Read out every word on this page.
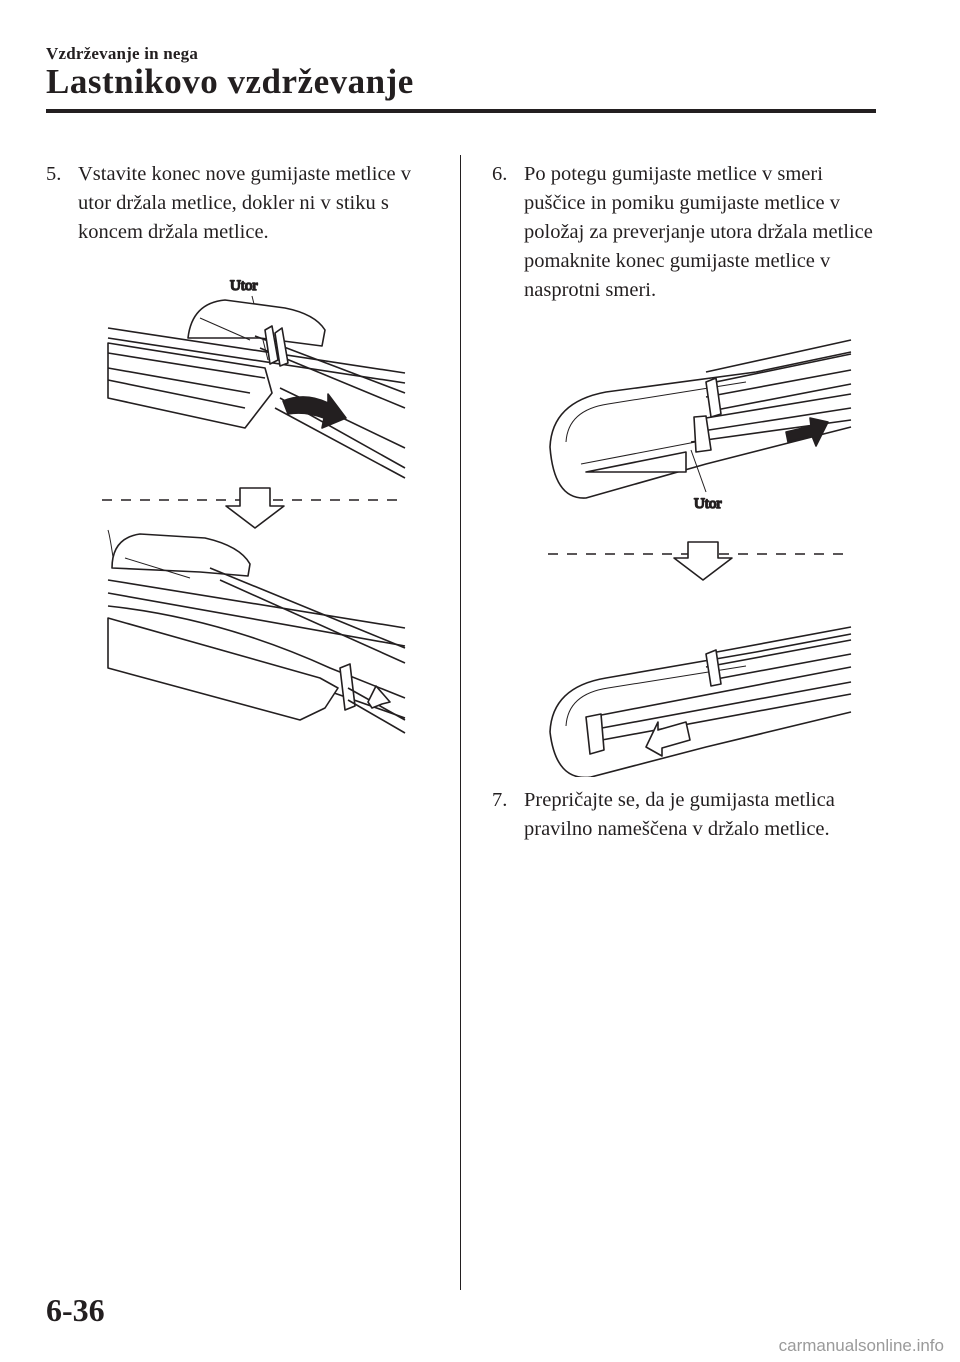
Vzdrževanje in nega
Lastnikovo vzdrževanje
5. Vstavite konec nove gumijaste metlice v utor držala metlice, dokler ni v stiku s koncem držala metlice.
Utor
6. Po potegu gumijaste metlice v smeri puščice in pomiku gumijaste metlice v položaj za preverjanje utora držala metlice pomaknite konec gumijaste metlice v nasprotni smeri.
Utor
7. Prepričajte se, da je gumijasta metlica pravilno nameščena v držalo metlice.
6-36
carmanualsonline.info
